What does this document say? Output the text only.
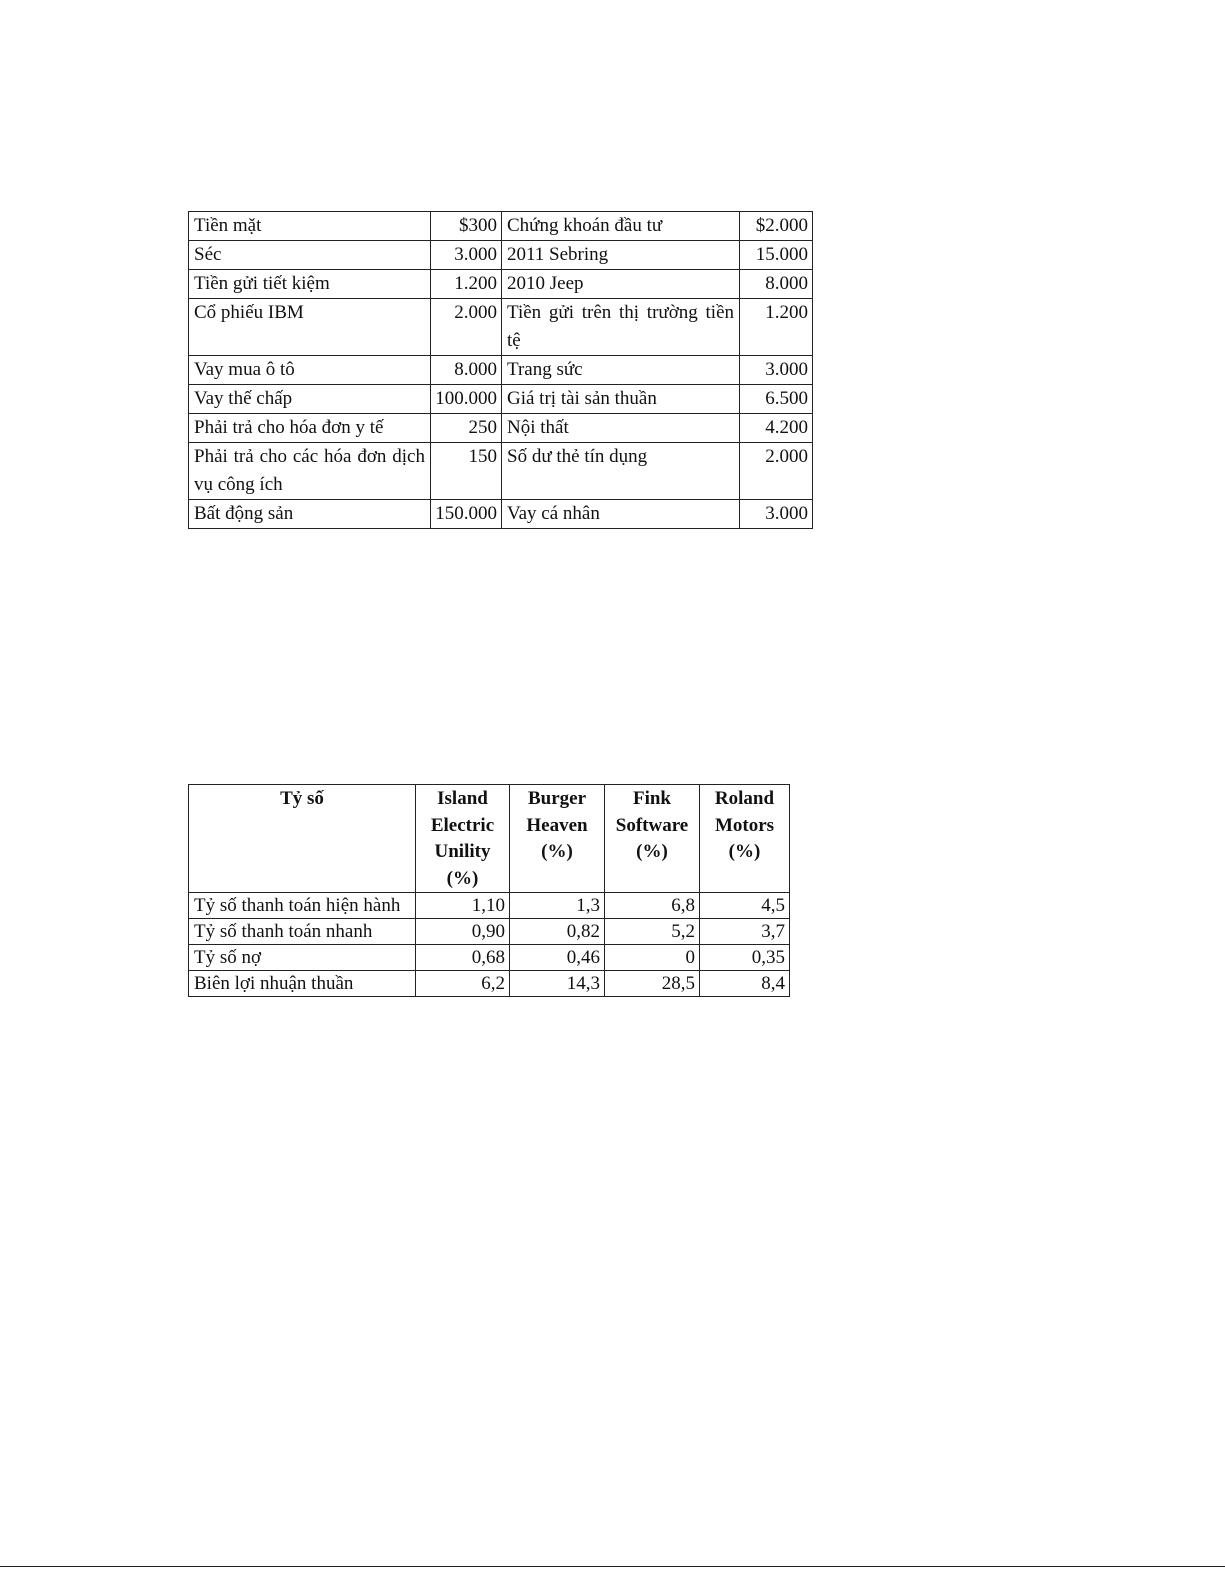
Tiền mặt	$300	Chứng khoán đầu tư	$2.000
Séc	3.000	2011 Sebring	15.000
Tiền gửi tiết kiệm	1.200	2010 Jeep	8.000
Cổ phiếu IBM	2.000	Tiền gửi trên thị trường tiền tệ	1.200
Vay mua ô tô	8.000	Trang sức	3.000
Vay thế chấp	100.000	Giá trị tài sản thuần	6.500
Phải trả cho hóa đơn y tế	250	Nội thất	4.200
Phải trả cho các hóa đơn dịch vụ công ích	150	Số dư thẻ tín dụng	2.000
Bất động sản	150.000	Vay cá nhân	3.000
Tỷ số	Island Electric Unility (%)	Burger Heaven (%)	Fink Software (%)	Roland Motors (%)
Tỷ số thanh toán hiện hành	1,10	1,3	6,8	4,5
Tỷ số thanh toán nhanh	0,90	0,82	5,2	3,7
Tỷ số nợ	0,68	0,46	0	0,35
Biên lợi nhuận thuần	6,2	14,3	28,5	8,4
